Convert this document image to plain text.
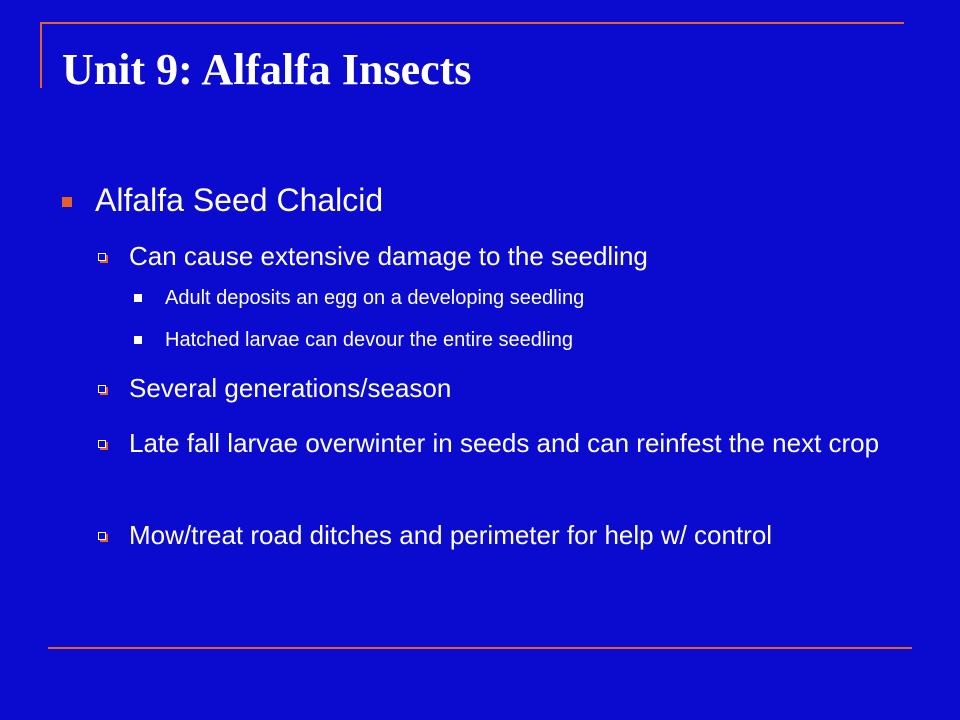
Unit 9: Alfalfa Insects
Alfalfa Seed Chalcid
Can cause extensive damage to the seedling
Adult deposits an egg on a developing seedling
Hatched larvae can devour the entire seedling
Several generations/season
Late fall larvae overwinter in seeds and can reinfest the next crop
Mow/treat road ditches and perimeter for help w/ control
